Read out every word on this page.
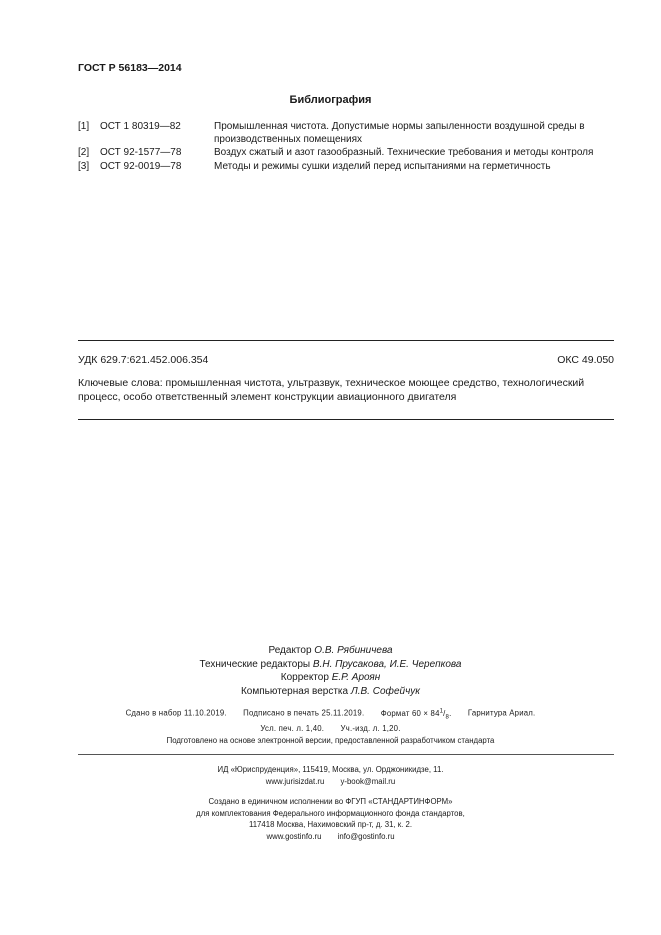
ГОСТ Р 56183—2014
Библиография
[1] ОСТ 1 80319—82	Промышленная чистота. Допустимые нормы запыленности воздушной среды в производственных помещениях
[2] ОСТ 92-1577—78	Воздух сжатый и азот газообразный. Технические требования и методы контроля
[3] ОСТ 92-0019—78	Методы и режимы сушки изделий перед испытаниями на герметичность
УДК 629.7:621.452.006.354	ОКС 49.050
Ключевые слова: промышленная чистота, ультразвук, техническое моющее средство, технологический процесс, особо ответственный элемент конструкции авиационного двигателя
Редактор О.В. Рябиничева
Технические редакторы В.Н. Прусакова, И.Е. Черепкова
Корректор Е.Р. Ароян
Компьютерная верстка Л.В. Софейчук
Сдано в набор 11.10.2019. Подписано в печать 25.11.2019. Формат $60 \times 84^1/_8$. Гарнитура Ариал.
Усл. печ. л. 1,40. Уч.-изд. л. 1,20.
Подготовлено на основе электронной версии, предоставленной разработчиком стандарта
ИД «Юриспруденция», 115419, Москва, ул. Орджоникидзе, 11.
www.jurisizdat.ru y-book@mail.ru
Создано в единичном исполнении во ФГУП «СТАНДАРТИНФОРМ»
для комплектования Федерального информационного фонда стандартов,
117418 Москва, Нахимовский пр-т, д. 31, к. 2.
www.gostinfo.ru info@gostinfo.ru
